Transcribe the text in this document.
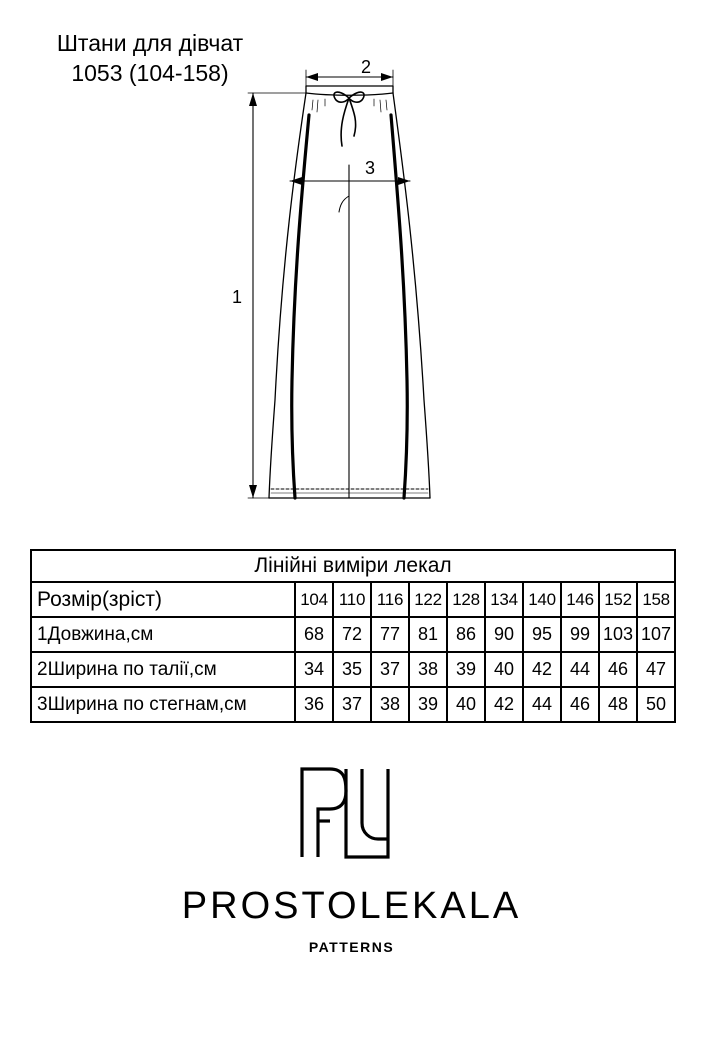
Штани для дівчат
1053 (104-158)
1
2
3
Лінійні виміри лекал										
Розмір(зріст)	104	110	116	122	128	134	140	146	152	158
1Довжина,см	68	72	77	81	86	90	95	99	103	107
2Ширина по талії,см	34	35	37	38	39	40	42	44	46	47
3Ширина по стегнам,см	36	37	38	39	40	42	44	46	48	50
PROSTOLEKALA
PATTERNS
